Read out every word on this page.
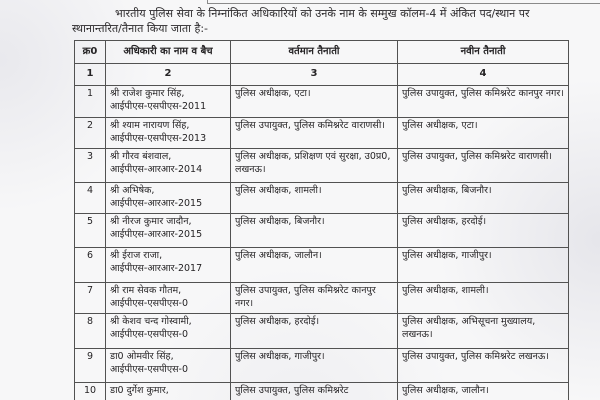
भारतीय पुलिस सेवा के निम्नांकित अधिकारियों को उनके नाम के सम्मुख कॉलम-4 में अंकित पद/स्थान पर
स्थानान्तरित/तैनात किया जाता है:-
क्र0	अधिकारी का नाम व बैच	वर्तमान तैनाती	नवीन तैनाती
1	2	3	4
1	श्री राजेश कुमार सिंह,
आईपीएस-एसपीएस-2011	पुलिस अधीक्षक, एटा।	पुलिस उपायुक्त, पुलिस कमिश्नरेट कानपुर नगर।
2	श्री श्याम नारायण सिंह,
आईपीएस-एसपीएस-2013	पुलिस उपायुक्त, पुलिस कमिश्नरेट वाराणसी।	पुलिस अधीक्षक, एटा।
3	श्री गौरव बंशवाल,
आईपीएस-आरआर-2014	पुलिस अधीक्षक, प्रशिक्षण एवं सुरक्षा, उ0प्र0, लखनऊ।	पुलिस उपायुक्त, पुलिस कमिश्नरेट वाराणसी।
4	श्री अभिषेक,
आईपीएस-आरआर-2015	पुलिस अधीक्षक, शामली।	पुलिस अधीक्षक, बिजनौर।
5	श्री नीरज कुमार जादौन,
आईपीएस-आरआर-2015	पुलिस अधीक्षक, बिजनौर।	पुलिस अधीक्षक, हरदोई।
6	श्री ईराज राजा,
आईपीएस-आरआर-2017	पुलिस अधीक्षक, जालौन।	पुलिस अधीक्षक, गाजीपुर।
7	श्री राम सेवक गौतम,
आईपीएस-एसपीएस-0	पुलिस उपायुक्त, पुलिस कमिश्नरेट कानपुर नगर।	पुलिस अधीक्षक, शामली।
8	श्री केशव चन्द गोस्वामी,
आईपीएस-एसपीएस-0	पुलिस अधीक्षक, हरदोई।	पुलिस अधीक्षक, अभिसूचना मुख्यालय, लखनऊ।
9	डा0 ओमवीर सिंह,
आईपीएस-एसपीएस-0	पुलिस अधीक्षक, गाजीपुर।	पुलिस उपायुक्त, पुलिस कमिश्नरेट लखनऊ।
10	डा0 दुर्गेश कुमार,	पुलिस उपायुक्त, पुलिस कमिश्नरेट	पुलिस अधीक्षक, जालौन।
